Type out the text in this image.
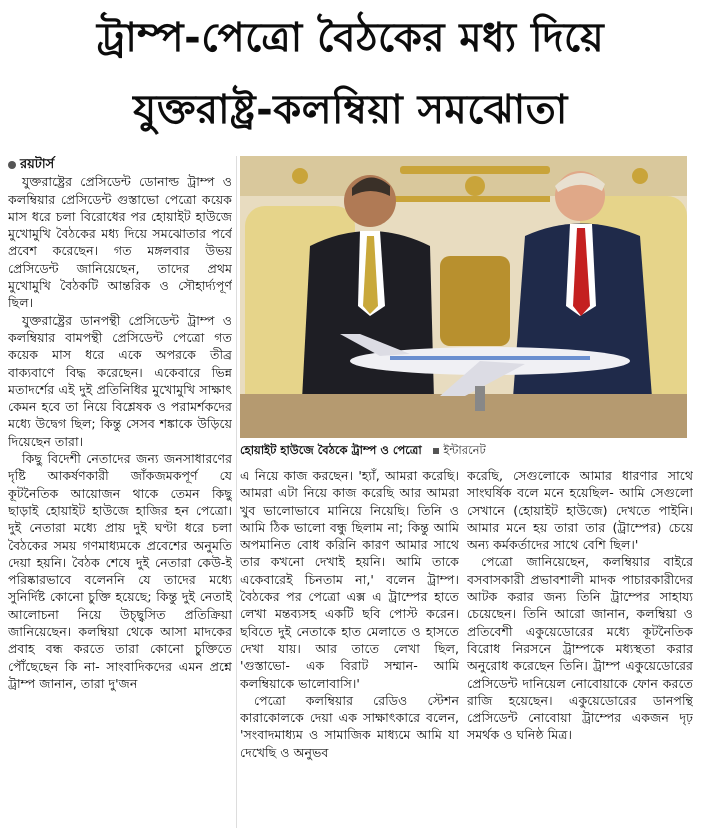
ট্রাম্প-পেত্রো বৈঠকের মধ্য দিয়ে
যুক্তরাষ্ট্র-কলম্বিয়া সমঝোতা

রয়টার্স

যুক্তরাষ্ট্রের প্রেসিডেন্ট ডোনাল্ড ট্রাম্প ও কলম্বিয়ার প্রেসিডেন্ট গুস্তাভো পেত্রো কয়েক মাস ধরে চলা বিরোধের পর হোয়াইট হাউজে মুখোমুখি বৈঠকের মধ্য দিয়ে সমঝোতার পর্বে প্রবেশ করেছেন। গত মঙ্গলবার উভয় প্রেসিডেন্ট জানিয়েছেন, তাদের প্রথম মুখোমুখি বৈঠকটি আন্তরিক ও সৌহার্দ্যপূর্ণ ছিল।

যুক্তরাষ্ট্রের ডানপন্থী প্রেসিডেন্ট ট্রাম্প ও কলম্বিয়ার বামপন্থী প্রেসিডেন্ট পেত্রো গত কয়েক মাস ধরে একে অপরকে তীব্র বাক্যবাণে বিদ্ধ করেছেন। একেবারে ভিন্ন মতাদর্শের এই দুই প্রতিনিধির মুখোমুখি সাক্ষাৎ কেমন হবে তা নিয়ে বিশ্লেষক ও পরামর্শকদের মধ্যে উদ্বেগ ছিল; কিন্তু সেসব শঙ্কাকে উড়িয়ে দিয়েছেন তারা।

কিছু বিদেশী নেতাদের জন্য জনসাধারণের দৃষ্টি আকর্ষণকারী জাঁকজমকপূর্ণ যে কূটনৈতিক আয়োজন থাকে তেমন কিছু ছাড়াই হোয়াইট হাউজে হাজির হন পেত্রো। দুই নেতারা মধ্যে প্রায় দুই ঘণ্টা ধরে চলা বৈঠকের সময় গণমাধ্যমকে প্রবেশের অনুমতি দেয়া হয়নি। বৈঠক শেষে দুই নেতারা কেউ-ই পরিষ্কারভাবে বলেননি যে তাদের মধ্যে সুনির্দিষ্ট কোনো চুক্তি হয়েছে; কিন্তু দুই নেতাই আলোচনা নিয়ে উচ্ছ্বসিত প্রতিক্রিয়া জানিয়েছেন। কলম্বিয়া থেকে আসা মাদকের প্রবাহ বন্ধ করতে তারা কোনো চুক্তিতে পৌঁছেছেন কি না- সাংবাদিকদের এমন প্রশ্নে ট্রাম্প জানান, তারা দু'জন

হোয়াইট হাউজে বৈঠকে ট্রাম্প ও পেত্রো ইন্টারনেট

এ নিয়ে কাজ করছেন। 'হ্যাঁ, আমরা করেছি। আমরা এটা নিয়ে কাজ করেছি আর আমরা খুব ভালোভাবে মানিয়ে নিয়েছি। তিনি ও আমি ঠিক ভালো বন্ধু ছিলাম না; কিন্তু আমি অপমানিত বোধ করিনি কারণ আমার সাথে তার কখনো দেখাই হয়নি। আমি তাকে একেবারেই চিনতাম না,' বলেন ট্রাম্প। বৈঠকের পর পেত্রো এক্স এ ট্রাম্পের হাতে লেখা মন্তব্যসহ একটি ছবি পোস্ট করেন। ছবিতে দুই নেতাকে হাত মেলাতে ও হাসতে দেখা যায়। আর তাতে লেখা ছিল, 'গুস্তাভো- এক বিরাট সম্মান- আমি কলম্বিয়াকে ভালোবাসি।'

পেত্রো কলম্বিয়ার রেডিও স্টেশন কারাকোলকে দেয়া এক সাক্ষাৎকারে বলেন, 'সংবাদমাধ্যম ও সামাজিক মাধ্যমে আমি যা দেখেছি ও অনুভব

করেছি, সেগুলোকে আমার ধারণার সাথে সাংঘর্ষিক বলে মনে হয়েছিল- আমি সেগুলো সেখানে (হোয়াইট হাউজে) দেখতে পাইনি। আমার মনে হয় তারা তার (ট্রাম্পের) চেয়ে অন্য কর্মকর্তাদের সাথে বেশি ছিল।'

পেত্রো জানিয়েছেন, কলম্বিয়ার বাইরে বসবাসকারী প্রভাবশালী মাদক পাচারকারীদের আটক করার জন্য তিনি ট্রাম্পের সাহায্য চেয়েছেন। তিনি আরো জানান, কলম্বিয়া ও প্রতিবেশী একুয়েডোরের মধ্যে কূটনৈতিক বিরোধ নিরসনে ট্রাম্পকে মধ্যস্থতা করার অনুরোধ করেছেন তিনি। ট্রাম্প একুয়েডোরের প্রেসিডেন্ট দানিয়েল নোবোয়াকে ফোন করতে রাজি হয়েছেন। একুয়েডোরের ডানপন্থি প্রেসিডেন্ট নোবোয়া ট্রাম্পের একজন দৃঢ় সমর্থক ও ঘনিষ্ঠ মিত্র।
